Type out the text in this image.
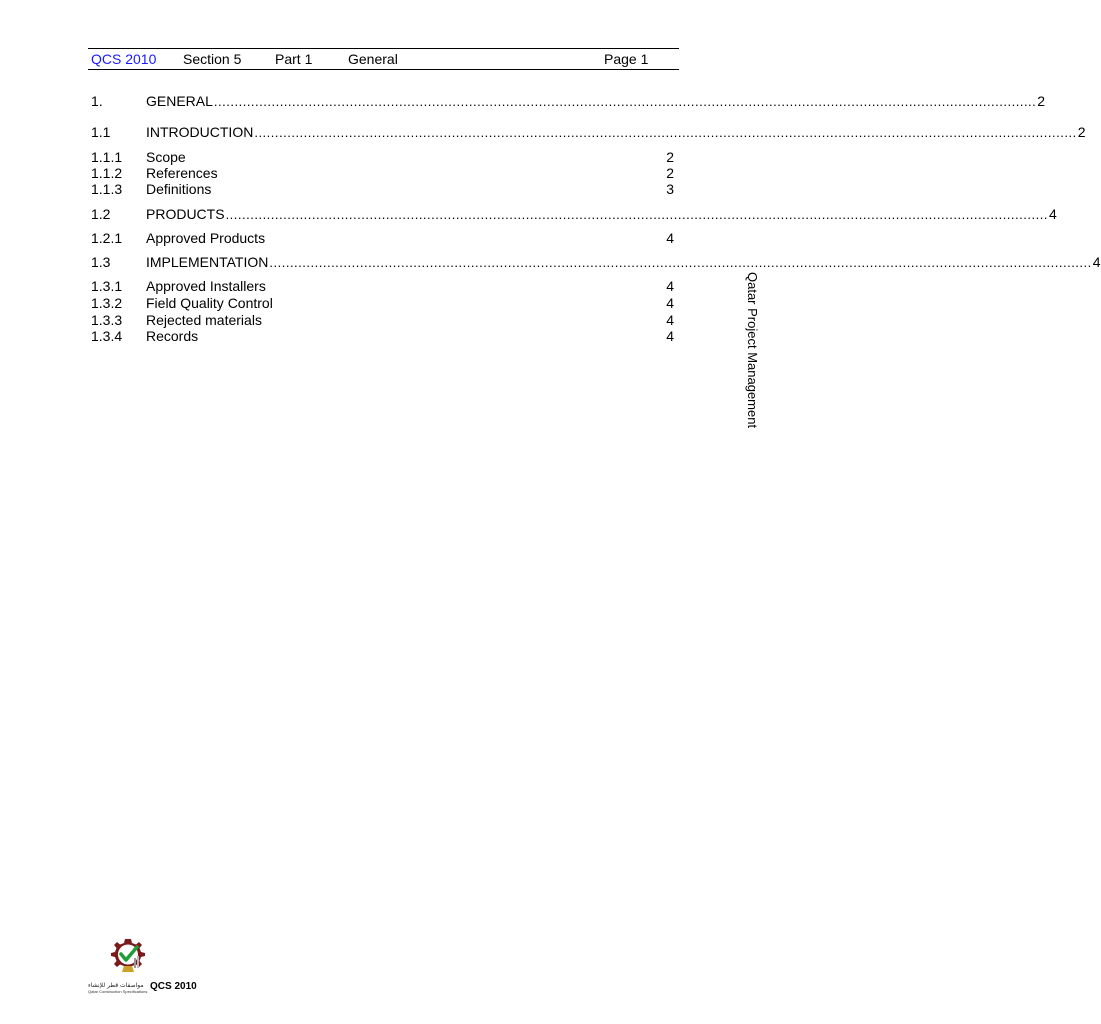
QCS 2010 Section 5 Part 1	General	Page 1
1.	GENERAL ........................................................................................................................................................................................................ 2
1.1	INTRODUCTION ........................................................................................................................................................................................................ 2
1.1.1	Scope	2
1.1.2	References	2
1.1.3	Definitions	3
1.2	PRODUCTS ........................................................................................................................................................................................................ 4
1.2.1	Approved Products	4
1.3	IMPLEMENTATION ........................................................................................................................................................................................................ 4
1.3.1	Approved Installers	4
1.3.2	Field Quality Control	4
1.3.3	Rejected materials	4
1.3.4	Records	4	Qatar Project Management
مواصفات قطر للإنشاء
Qatar Construction Specifications QCS 2010
